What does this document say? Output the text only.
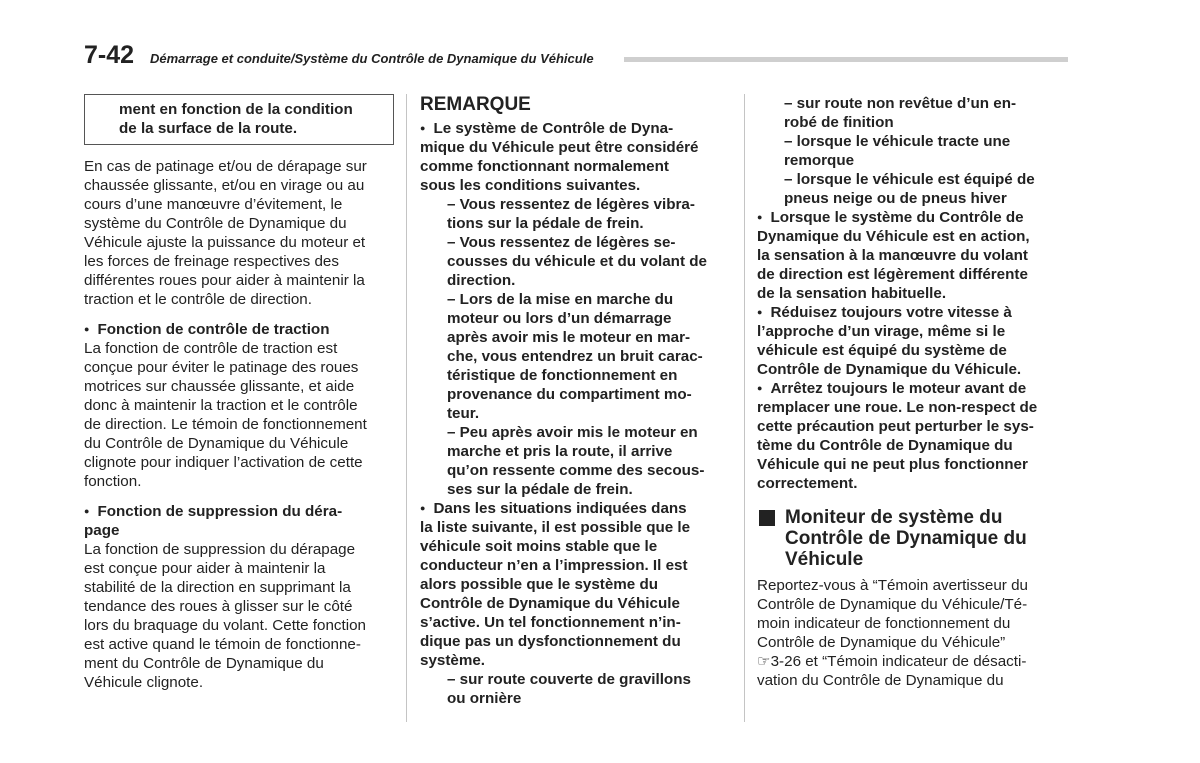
7-42 Démarrage et conduite/Système du Contrôle de Dynamique du Véhicule
ment en fonction de la condition
de la surface de la route.

En cas de patinage et/ou de dérapage sur
chaussée glissante, et/ou en virage ou au
cours d’une manœuvre d’évitement, le
système du Contrôle de Dynamique du
Véhicule ajuste la puissance du moteur et
les forces de freinage respectives des
différentes roues pour aider à maintenir la
traction et le contrôle de direction.

● Fonction de contrôle de traction

La fonction de contrôle de traction est
conçue pour éviter le patinage des roues
motrices sur chaussée glissante, et aide
donc à maintenir la traction et le contrôle
de direction. Le témoin de fonctionnement
du Contrôle de Dynamique du Véhicule
clignote pour indiquer l’activation de cette
fonction.

● Fonction de suppression du déra-
page

La fonction de suppression du dérapage
est conçue pour aider à maintenir la
stabilité de la direction en supprimant la
tendance des roues à glisser sur le côté
lors du braquage du volant. Cette fonction
est active quand le témoin de fonctionne-
ment du Contrôle de Dynamique du
Véhicule clignote.

REMARQUE

● Le système de Contrôle de Dyna-
mique du Véhicule peut être considéré
comme fonctionnant normalement
sous les conditions suivantes.

– Vous ressentez de légères vibra-
tions sur la pédale de frein.

– Vous ressentez de légères se-
cousses du véhicule et du volant de
direction.

– Lors de la mise en marche du
moteur ou lors d’un démarrage
après avoir mis le moteur en mar-
che, vous entendrez un bruit carac-
téristique de fonctionnement en
provenance du compartiment mo-
teur.

– Peu après avoir mis le moteur en
marche et pris la route, il arrive
qu’on ressente comme des secous-
ses sur la pédale de frein.

● Dans les situations indiquées dans
la liste suivante, il est possible que le
véhicule soit moins stable que le
conducteur n’en a l’impression. Il est
alors possible que le système du
Contrôle de Dynamique du Véhicule
s’active. Un tel fonctionnement n’in-
dique pas un dysfonctionnement du
système.

– sur route couverte de gravillons
ou ornière

– sur route non revêtue d’un en-
robé de finition

– lorsque le véhicule tracte une
remorque

– lorsque le véhicule est équipé de
pneus neige ou de pneus hiver

● Lorsque le système du Contrôle de
Dynamique du Véhicule est en action,
la sensation à la manœuvre du volant
de direction est légèrement différente
de la sensation habituelle.

● Réduisez toujours votre vitesse à
l’approche d’un virage, même si le
véhicule est équipé du système de
Contrôle de Dynamique du Véhicule.

● Arrêtez toujours le moteur avant de
remplacer une roue. Le non-respect de
cette précaution peut perturber le sys-
tème du Contrôle de Dynamique du
Véhicule qui ne peut plus fonctionner
correctement.

Moniteur de système du
Contrôle de Dynamique du
Véhicule

Reportez-vous à “Témoin avertisseur du
Contrôle de Dynamique du Véhicule/Té-
moin indicateur de fonctionnement du
Contrôle de Dynamique du Véhicule”
☞3-26 et “Témoin indicateur de désacti-
vation du Contrôle de Dynamique du
